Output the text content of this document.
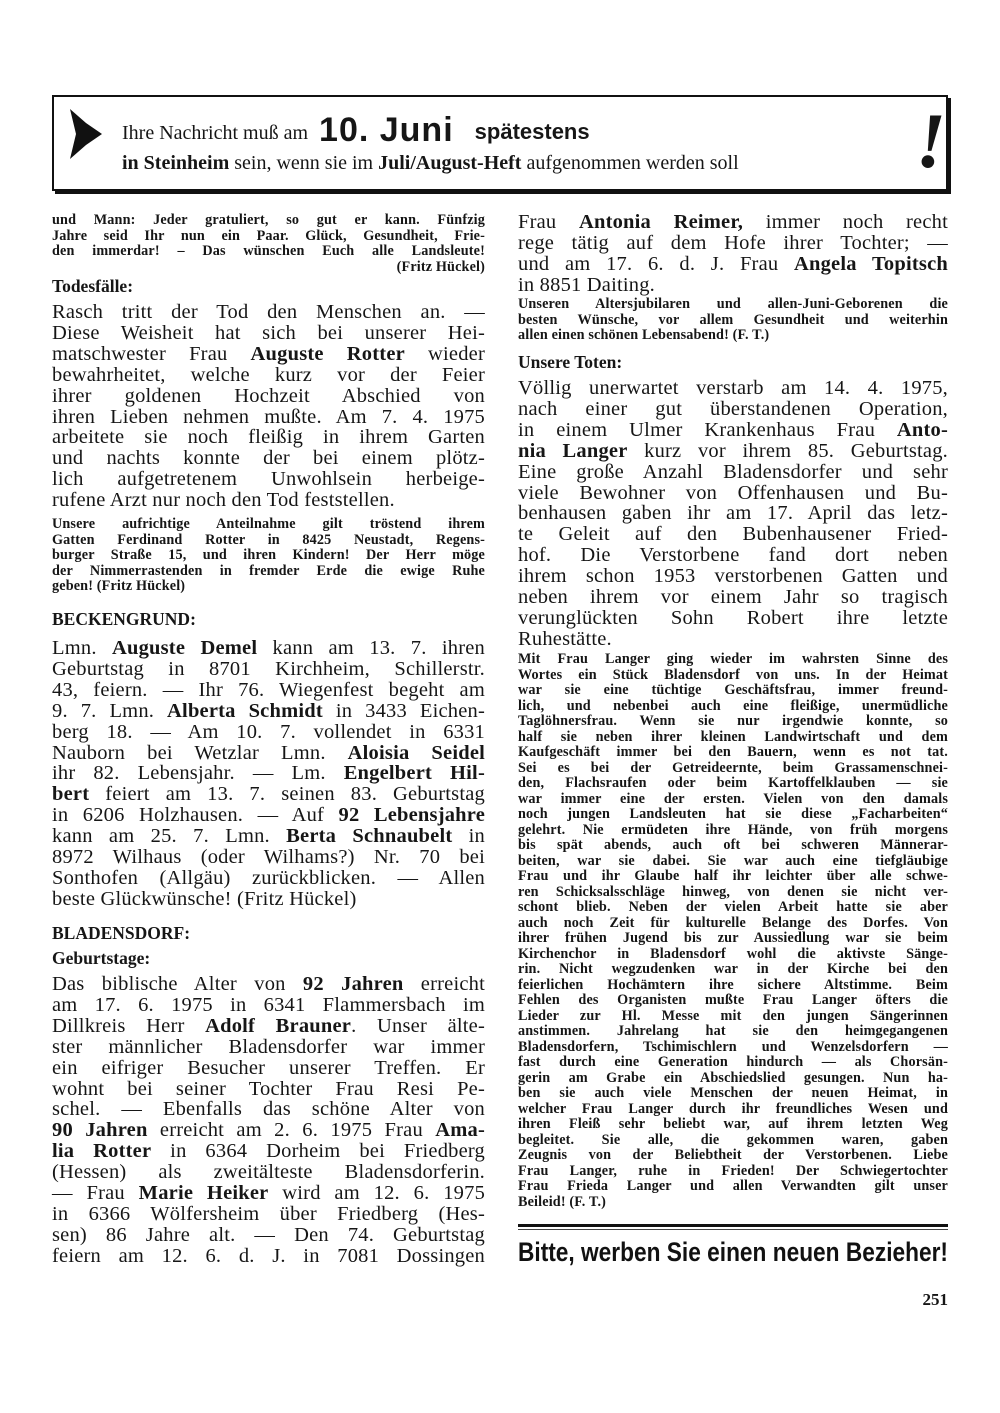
Ihre Nachricht muß am 10. Juni spätestens
in Steinheim sein, wenn sie im Juli/August-Heft aufgenommen werden soll !
und Mann: Jeder gratuliert, so gut er kann. Fünfzig
Jahre seid Ihr nun ein Paar. Glück, Gesundheit, Frie-
den immerdar! – Das wünschen Euch alle Landsleute!
(Fritz Hückel)
Todesfälle:
Rasch tritt der Tod den Menschen an. —
Diese Weisheit hat sich bei unserer Hei-
matschwester Frau Auguste Rotter wieder
bewahrheitet, welche kurz vor der Feier
ihrer goldenen Hochzeit Abschied von
ihren Lieben nehmen mußte. Am 7. 4. 1975
arbeitete sie noch fleißig in ihrem Garten
und nachts konnte der bei einem plötz-
lich aufgetretenem Unwohlsein herbeige-
rufene Arzt nur noch den Tod feststellen.
Unsere aufrichtige Anteilnahme gilt tröstend ihrem
Gatten Ferdinand Rotter in 8425 Neustadt, Regens-
burger Straße 15, und ihren Kindern! Der Herr möge
der Nimmerrastenden in fremder Erde die ewige Ruhe
geben! (Fritz Hückel)
BECKENGRUND:
Lmn. Auguste Demel kann am 13. 7. ihren
Geburtstag in 8701 Kirchheim, Schillerstr.
43, feiern. — Ihr 76. Wiegenfest begeht am
9. 7. Lmn. Alberta Schmidt in 3433 Eichen-
berg 18. — Am 10. 7. vollendet in 6331
Nauborn bei Wetzlar Lmn. Aloisia Seidel
ihr 82. Lebensjahr. — Lm. Engelbert Hil-
bert feiert am 13. 7. seinen 83. Geburtstag
in 6206 Holzhausen. — Auf 92 Lebensjahre
kann am 25. 7. Lmn. Berta Schnaubelt in
8972 Wilhaus (oder Wilhams?) Nr. 70 bei
Sonthofen (Allgäu) zurückblicken. — Allen
beste Glückwünsche! (Fritz Hückel)
BLADENSDORF:
Geburtstage:
Das biblische Alter von 92 Jahren erreicht
am 17. 6. 1975 in 6341 Flammersbach im
Dillkreis Herr Adolf Brauner. Unser älte-
ster männlicher Bladensdorfer war immer
ein eifriger Besucher unserer Treffen. Er
wohnt bei seiner Tochter Frau Resi Pe-
schel. — Ebenfalls das schöne Alter von
90 Jahren erreicht am 2. 6. 1975 Frau Ama-
lia Rotter in 6364 Dorheim bei Friedberg
(Hessen) als zweitälteste Bladensdorferin.
— Frau Marie Heiker wird am 12. 6. 1975
in 6366 Wölfersheim über Friedberg (Hes-
sen) 86 Jahre alt. — Den 74. Geburtstag
feiern am 12. 6. d. J. in 7081 Dossingen
Frau Antonia Reimer, immer noch recht
rege tätig auf dem Hofe ihrer Tochter; —
und am 17. 6. d. J. Frau Angela Topitsch
in 8851 Daiting.
Unseren Altersjubilaren und allen-Juni-Geborenen die
besten Wünsche, vor allem Gesundheit und weiterhin
allen einen schönen Lebensabend! (F. T.)
Unsere Toten:
Völlig unerwartet verstarb am 14. 4. 1975,
nach einer gut überstandenen Operation,
in einem Ulmer Krankenhaus Frau Anto-
nia Langer kurz vor ihrem 85. Geburtstag.
Eine große Anzahl Bladensdorfer und sehr
viele Bewohner von Offenhausen und Bu-
benhausen gaben ihr am 17. April das letz-
te Geleit auf den Bubenhausener Fried-
hof. Die Verstorbene fand dort neben
ihrem schon 1953 verstorbenen Gatten und
neben ihrem vor einem Jahr so tragisch
verunglückten Sohn Robert ihre letzte
Ruhestätte.
Mit Frau Langer ging wieder im wahrsten Sinne des
Wortes ein Stück Bladensdorf von uns. In der Heimat
war sie eine tüchtige Geschäftsfrau, immer freund-
lich, und nebenbei auch eine fleißige, unermüdliche
Taglöhnersfrau. Wenn sie nur irgendwie konnte, so
half sie neben ihrer kleinen Landwirtschaft und dem
Kaufgeschäft immer bei den Bauern, wenn es not tat.
Sei es bei der Getreideernte, beim Grassamenschnei-
den, Flachsraufen oder beim Kartoffelklauben — sie
war immer eine der ersten. Vielen von den damals
noch jungen Landsleuten hat sie diese „Facharbeiten“
gelehrt. Nie ermüdeten ihre Hände, von früh morgens
bis spät abends, auch oft bei schweren Männerar-
beiten, war sie dabei. Sie war auch eine tiefgläubige
Frau und ihr Glaube half ihr leichter über alle schwe-
ren Schicksalsschläge hinweg, von denen sie nicht ver-
schont blieb. Neben der vielen Arbeit hatte sie aber
auch noch Zeit für kulturelle Belange des Dorfes. Von
ihrer frühen Jugend bis zur Aussiedlung war sie beim
Kirchenchor in Bladensdorf wohl die aktivste Sänge-
rin. Nicht wegzudenken war in der Kirche bei den
feierlichen Hochämtern ihre sichere Altstimme. Beim
Fehlen des Organisten mußte Frau Langer öfters die
Lieder zur Hl. Messe mit den jungen Sängerinnen
anstimmen. Jahrelang hat sie den heimgegangenen
Bladensdorfern, Tschimischlern und Wenzelsdorfern —
fast durch eine Generation hindurch — als Chorsän-
gerin am Grabe ein Abschiedslied gesungen. Nun ha-
ben sie auch viele Menschen der neuen Heimat, in
welcher Frau Langer durch ihr freundliches Wesen und
ihren Fleiß sehr beliebt war, auf ihrem letzten Weg
begleitet. Sie alle, die gekommen waren, gaben
Zeugnis von der Beliebtheit der Verstorbenen. Liebe
Frau Langer, ruhe in Frieden! Der Schwiegertochter
Frau Frieda Langer und allen Verwandten gilt unser
Beileid! (F. T.)
Bitte, werben Sie einen neuen Bezieher!
251
